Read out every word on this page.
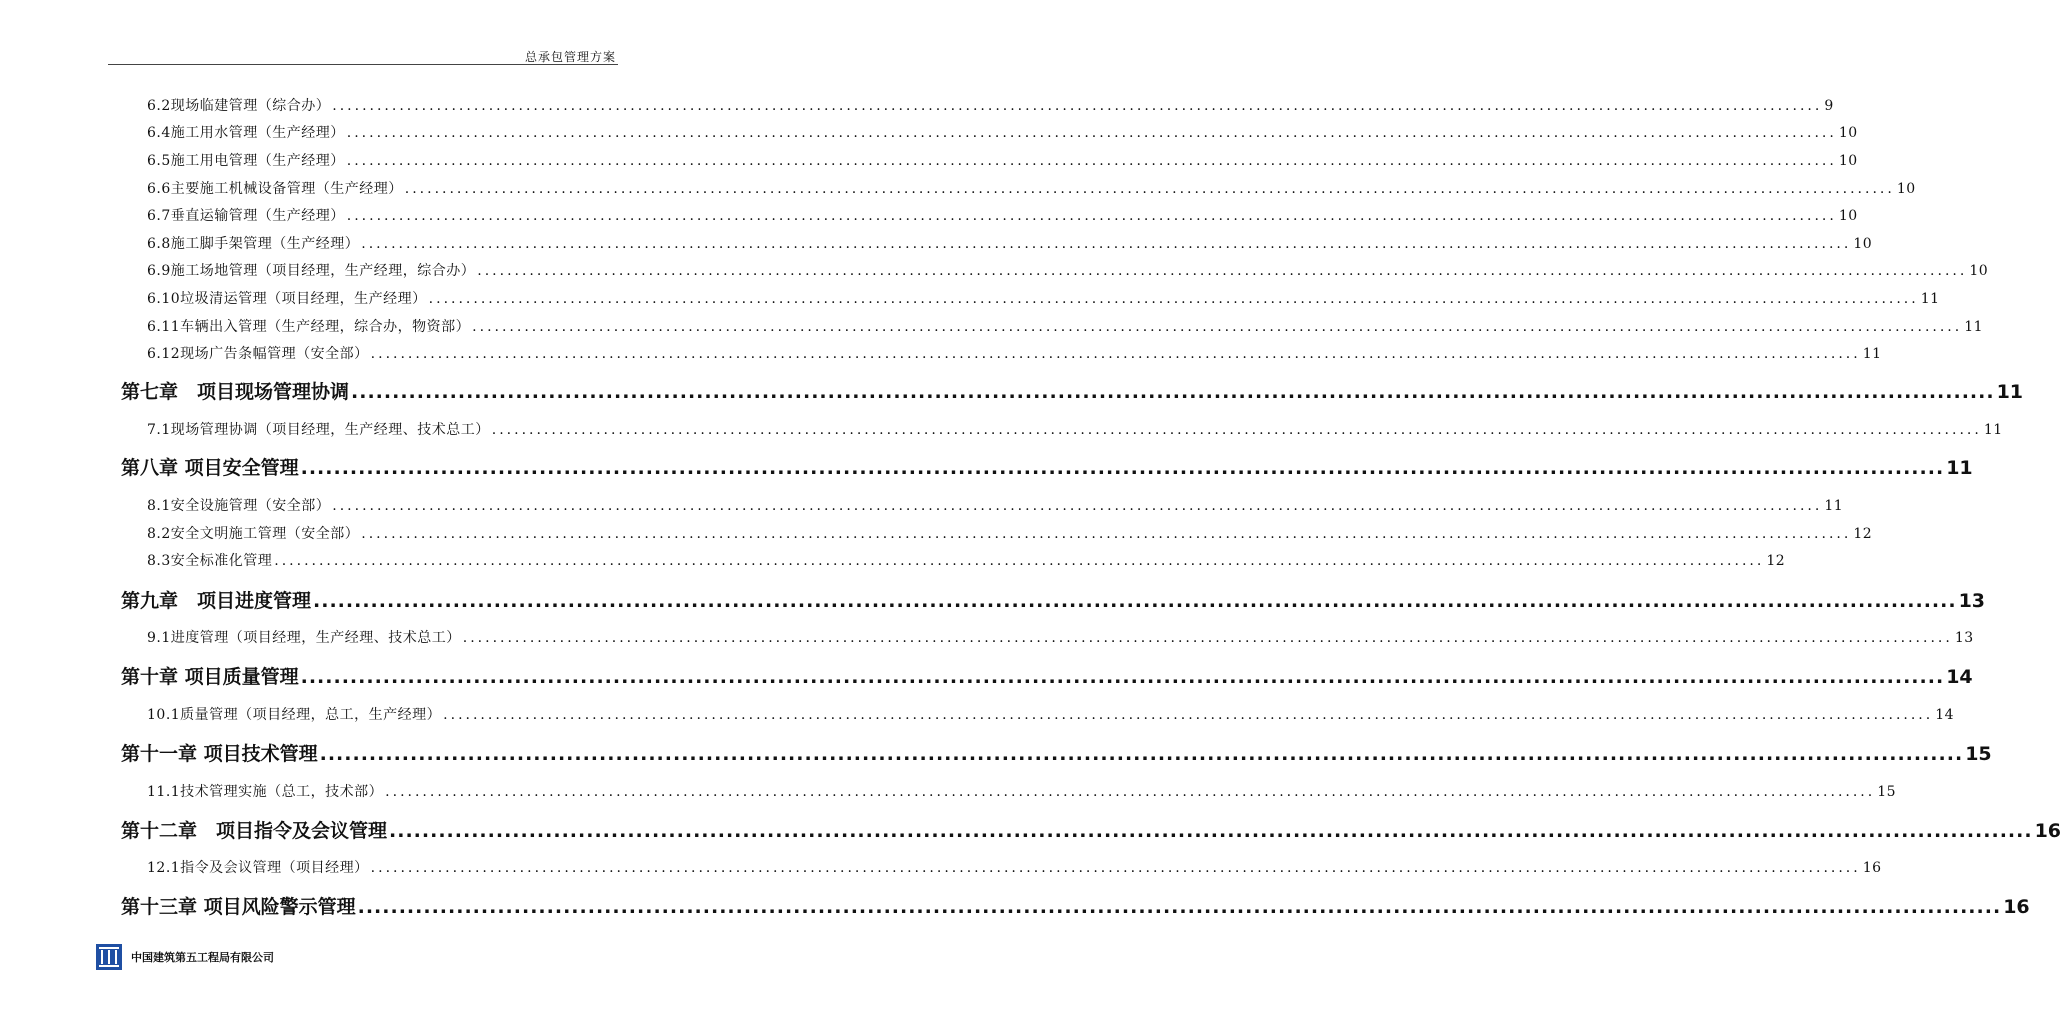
总承包管理方案
6.2现场临建管理（综合办） ........................................................................................................................................................................................................ 9
6.4施工用水管理（生产经理） ........................................................................................................................................................................................................ 10
6.5施工用电管理（生产经理） ........................................................................................................................................................................................................ 10
6.6主要施工机械设备管理（生产经理） ........................................................................................................................................................................................................ 10
6.7垂直运输管理（生产经理） ........................................................................................................................................................................................................ 10
6.8施工脚手架管理（生产经理） ........................................................................................................................................................................................................ 10
6.9施工场地管理（项目经理，生产经理，综合办） ........................................................................................................................................................................................................ 10
6.10垃圾清运管理（项目经理，生产经理） ........................................................................................................................................................................................................ 11
6.11车辆出入管理（生产经理，综合办，物资部） ........................................................................................................................................................................................................ 11
6.12现场广告条幅管理（安全部） ........................................................................................................................................................................................................ 11
第七章　项目现场管理协调 ........................................................................................................................................................................................................ 11
7.1现场管理协调（项目经理，生产经理、技术总工） ........................................................................................................................................................................................................ 11
第八章 项目安全管理 ........................................................................................................................................................................................................ 11
8.1安全设施管理（安全部） ........................................................................................................................................................................................................ 11
8.2安全文明施工管理（安全部） ........................................................................................................................................................................................................ 12
8.3安全标准化管理 ........................................................................................................................................................................................................ 12
第九章　项目进度管理 ........................................................................................................................................................................................................ 13
9.1进度管理（项目经理，生产经理、技术总工） ........................................................................................................................................................................................................ 13
第十章 项目质量管理 ........................................................................................................................................................................................................ 14
10.1质量管理（项目经理，总工，生产经理） ........................................................................................................................................................................................................ 14
第十一章 项目技术管理 ........................................................................................................................................................................................................ 15
11.1技术管理实施（总工，技术部） ........................................................................................................................................................................................................ 15
第十二章　项目指令及会议管理 ........................................................................................................................................................................................................ 16
12.1指令及会议管理（项目经理） ........................................................................................................................................................................................................ 16
第十三章 项目风险警示管理 ........................................................................................................................................................................................................ 16
中国建筑第五工程局有限公司
